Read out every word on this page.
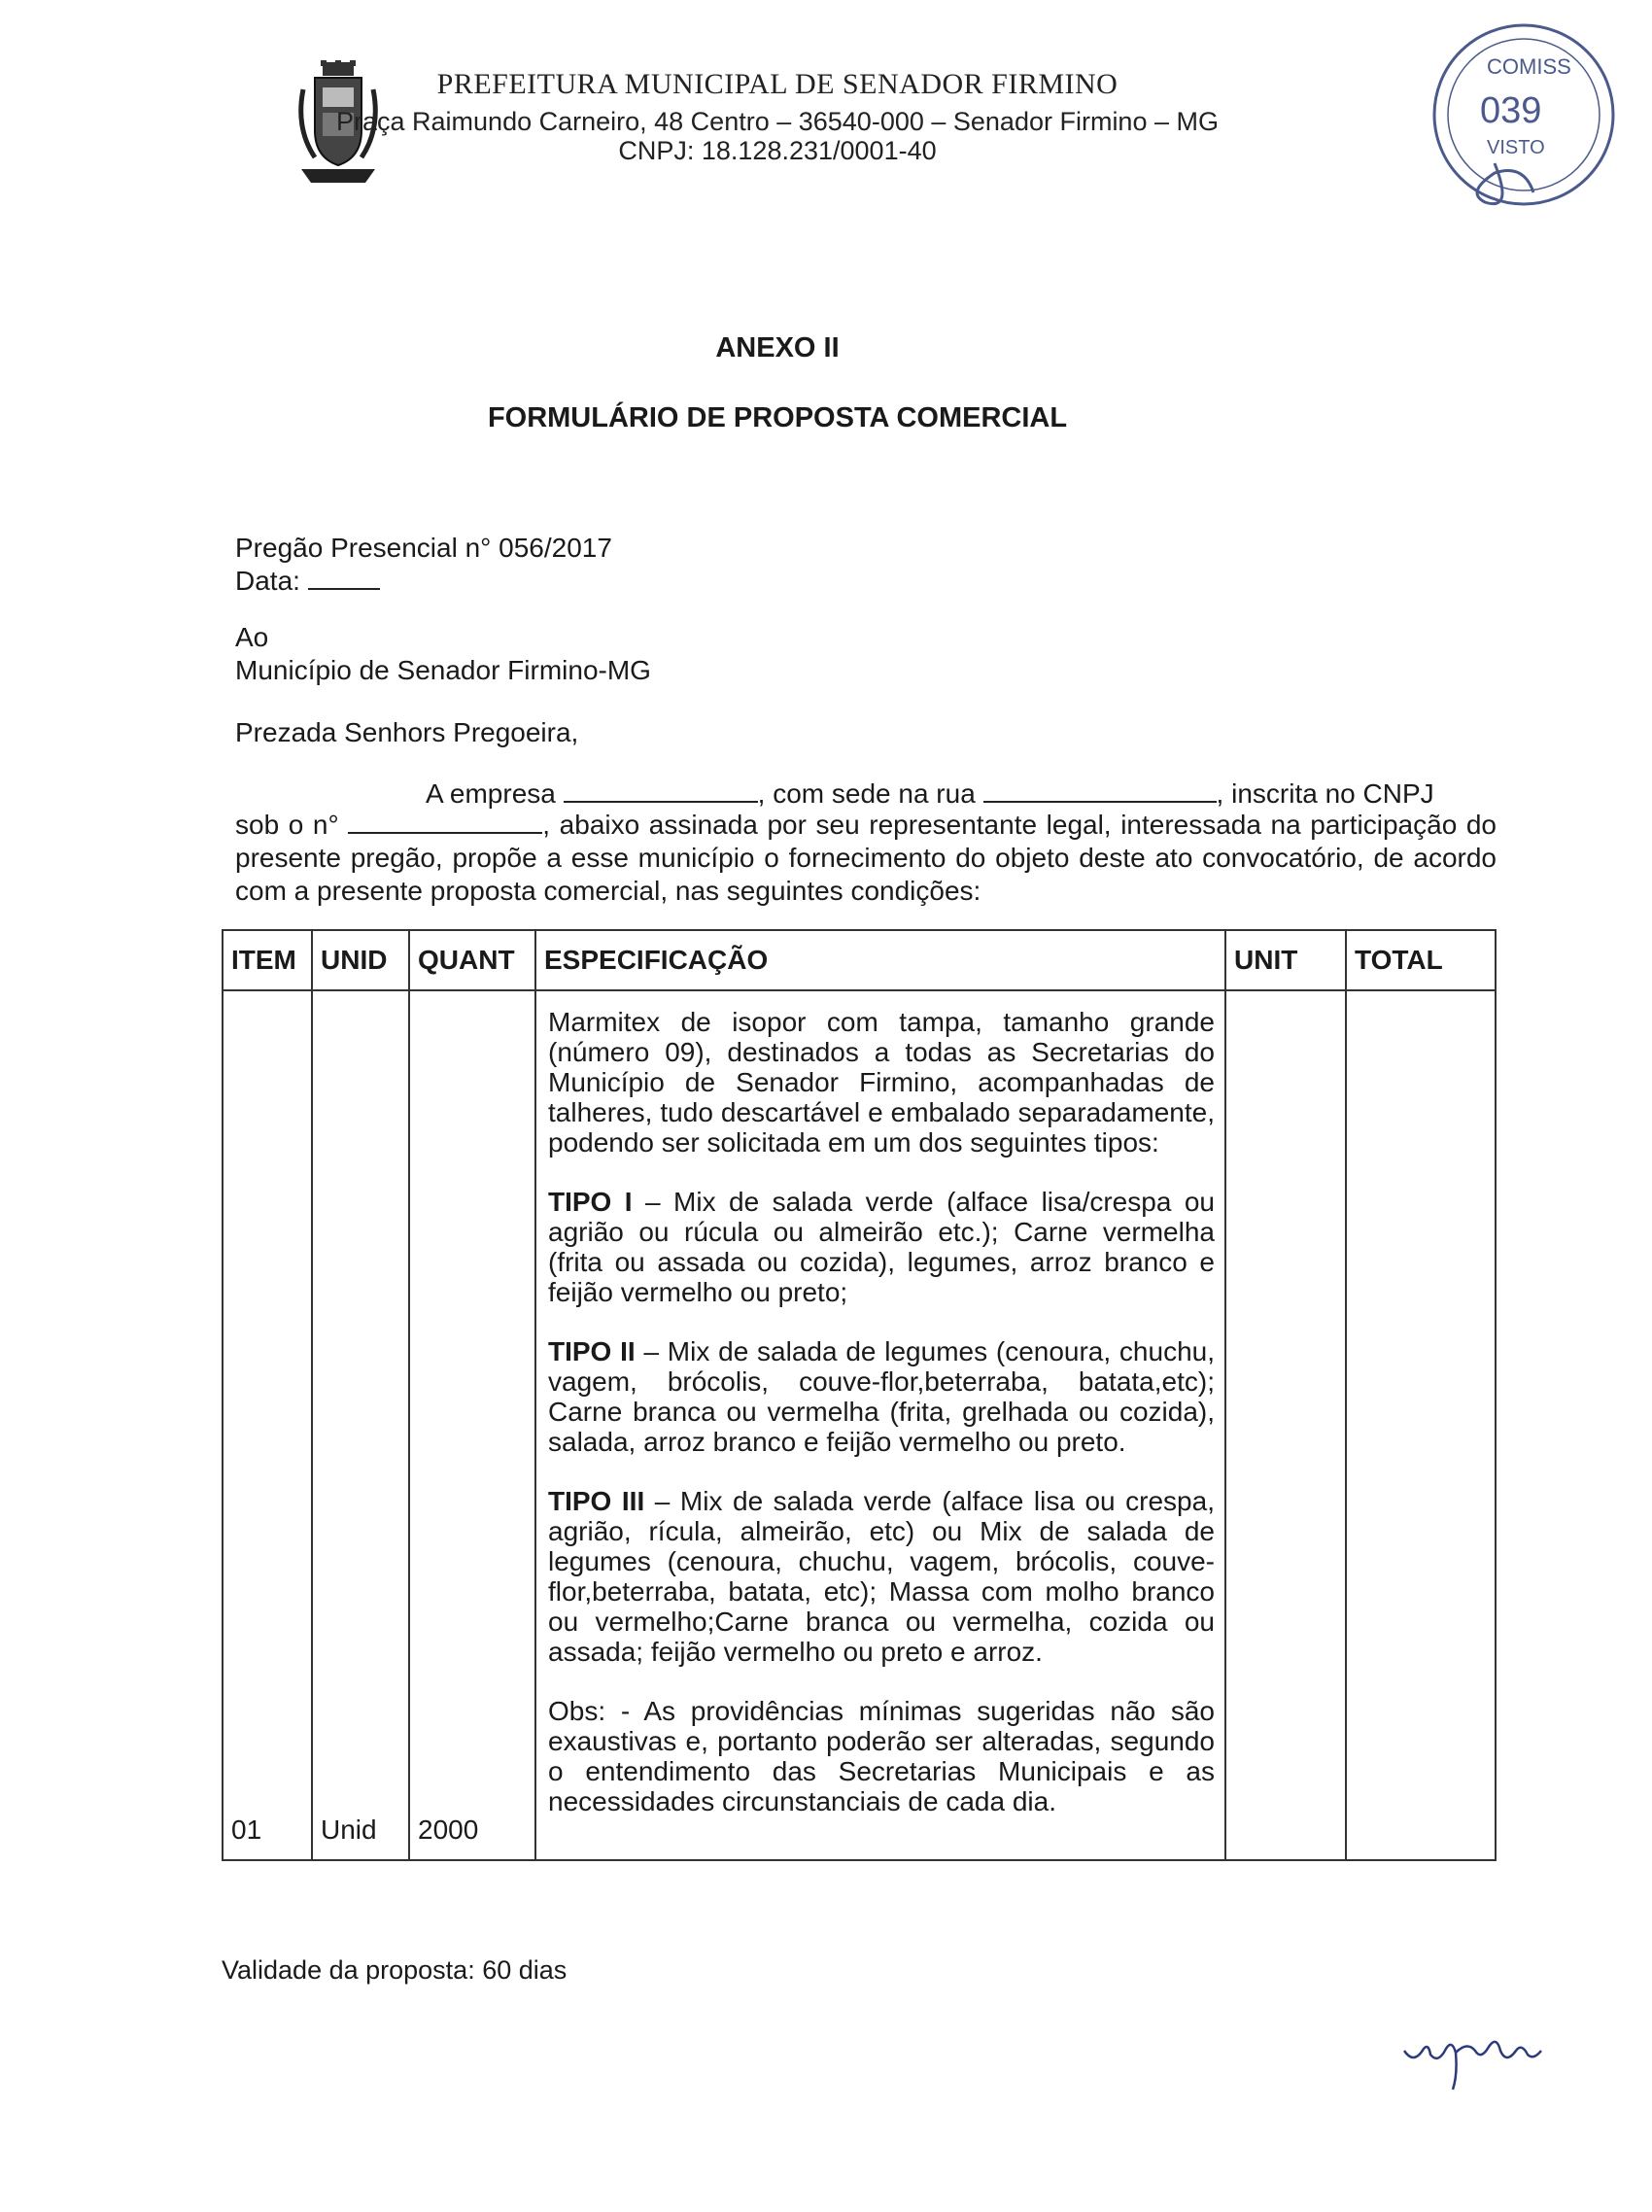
PREFEITURA MUNICIPAL DE SENADOR FIRMINO
Praça Raimundo Carneiro, 48 Centro – 36540-000 – Senador Firmino – MG
CNPJ: 18.128.231/0001-40
COMISS
039
VISTO
ANEXO II
FORMULÁRIO DE PROPOSTA COMERCIAL
Pregão Presencial n° 056/2017
Data:
Ao
Município de Senador Firmino-MG
Prezada Senhors Pregoeira,
A empresa	, com sede na rua	, inscrita no CNPJ
sob o n°	, abaixo assinada por seu representante legal, interessada na participação do presente pregão, propõe a esse município o fornecimento do objeto deste ato convocatório, de acordo com a presente proposta comercial, nas seguintes condições:
ITEM	UNID	QUANT	ESPECIFICAÇÃO	UNIT	TOTAL
01	Unid	2000	Marmitex de isopor com tampa, tamanho grande (número 09), destinados a todas as Secretarias do Município de Senador Firmino, acompanhadas de talheres, tudo descartável e embalado separadamente, podendo ser solicitada em um dos seguintes tipos:

TIPO I – Mix de salada verde (alface lisa/crespa ou agrião ou rúcula ou almeirão etc.); Carne vermelha (frita ou assada ou cozida), legumes, arroz branco e feijão vermelho ou preto;

TIPO II – Mix de salada de legumes (cenoura, chuchu, vagem, brócolis, couve-flor,beterraba, batata,etc); Carne branca ou vermelha (frita, grelhada ou cozida), salada, arroz branco e feijão vermelho ou preto.

TIPO III – Mix de salada verde (alface lisa ou crespa, agrião, rícula, almeirão, etc) ou Mix de salada de legumes (cenoura, chuchu, vagem, brócolis, couve-flor,beterraba, batata, etc); Massa com molho branco ou vermelho;Carne branca ou vermelha, cozida ou assada; feijão vermelho ou preto e arroz.

Obs: - As providências mínimas sugeridas não são exaustivas e, portanto poderão ser alteradas, segundo o entendimento das Secretarias Municipais e as necessidades circunstanciais de cada dia.		

Validade da proposta: 60 dias
